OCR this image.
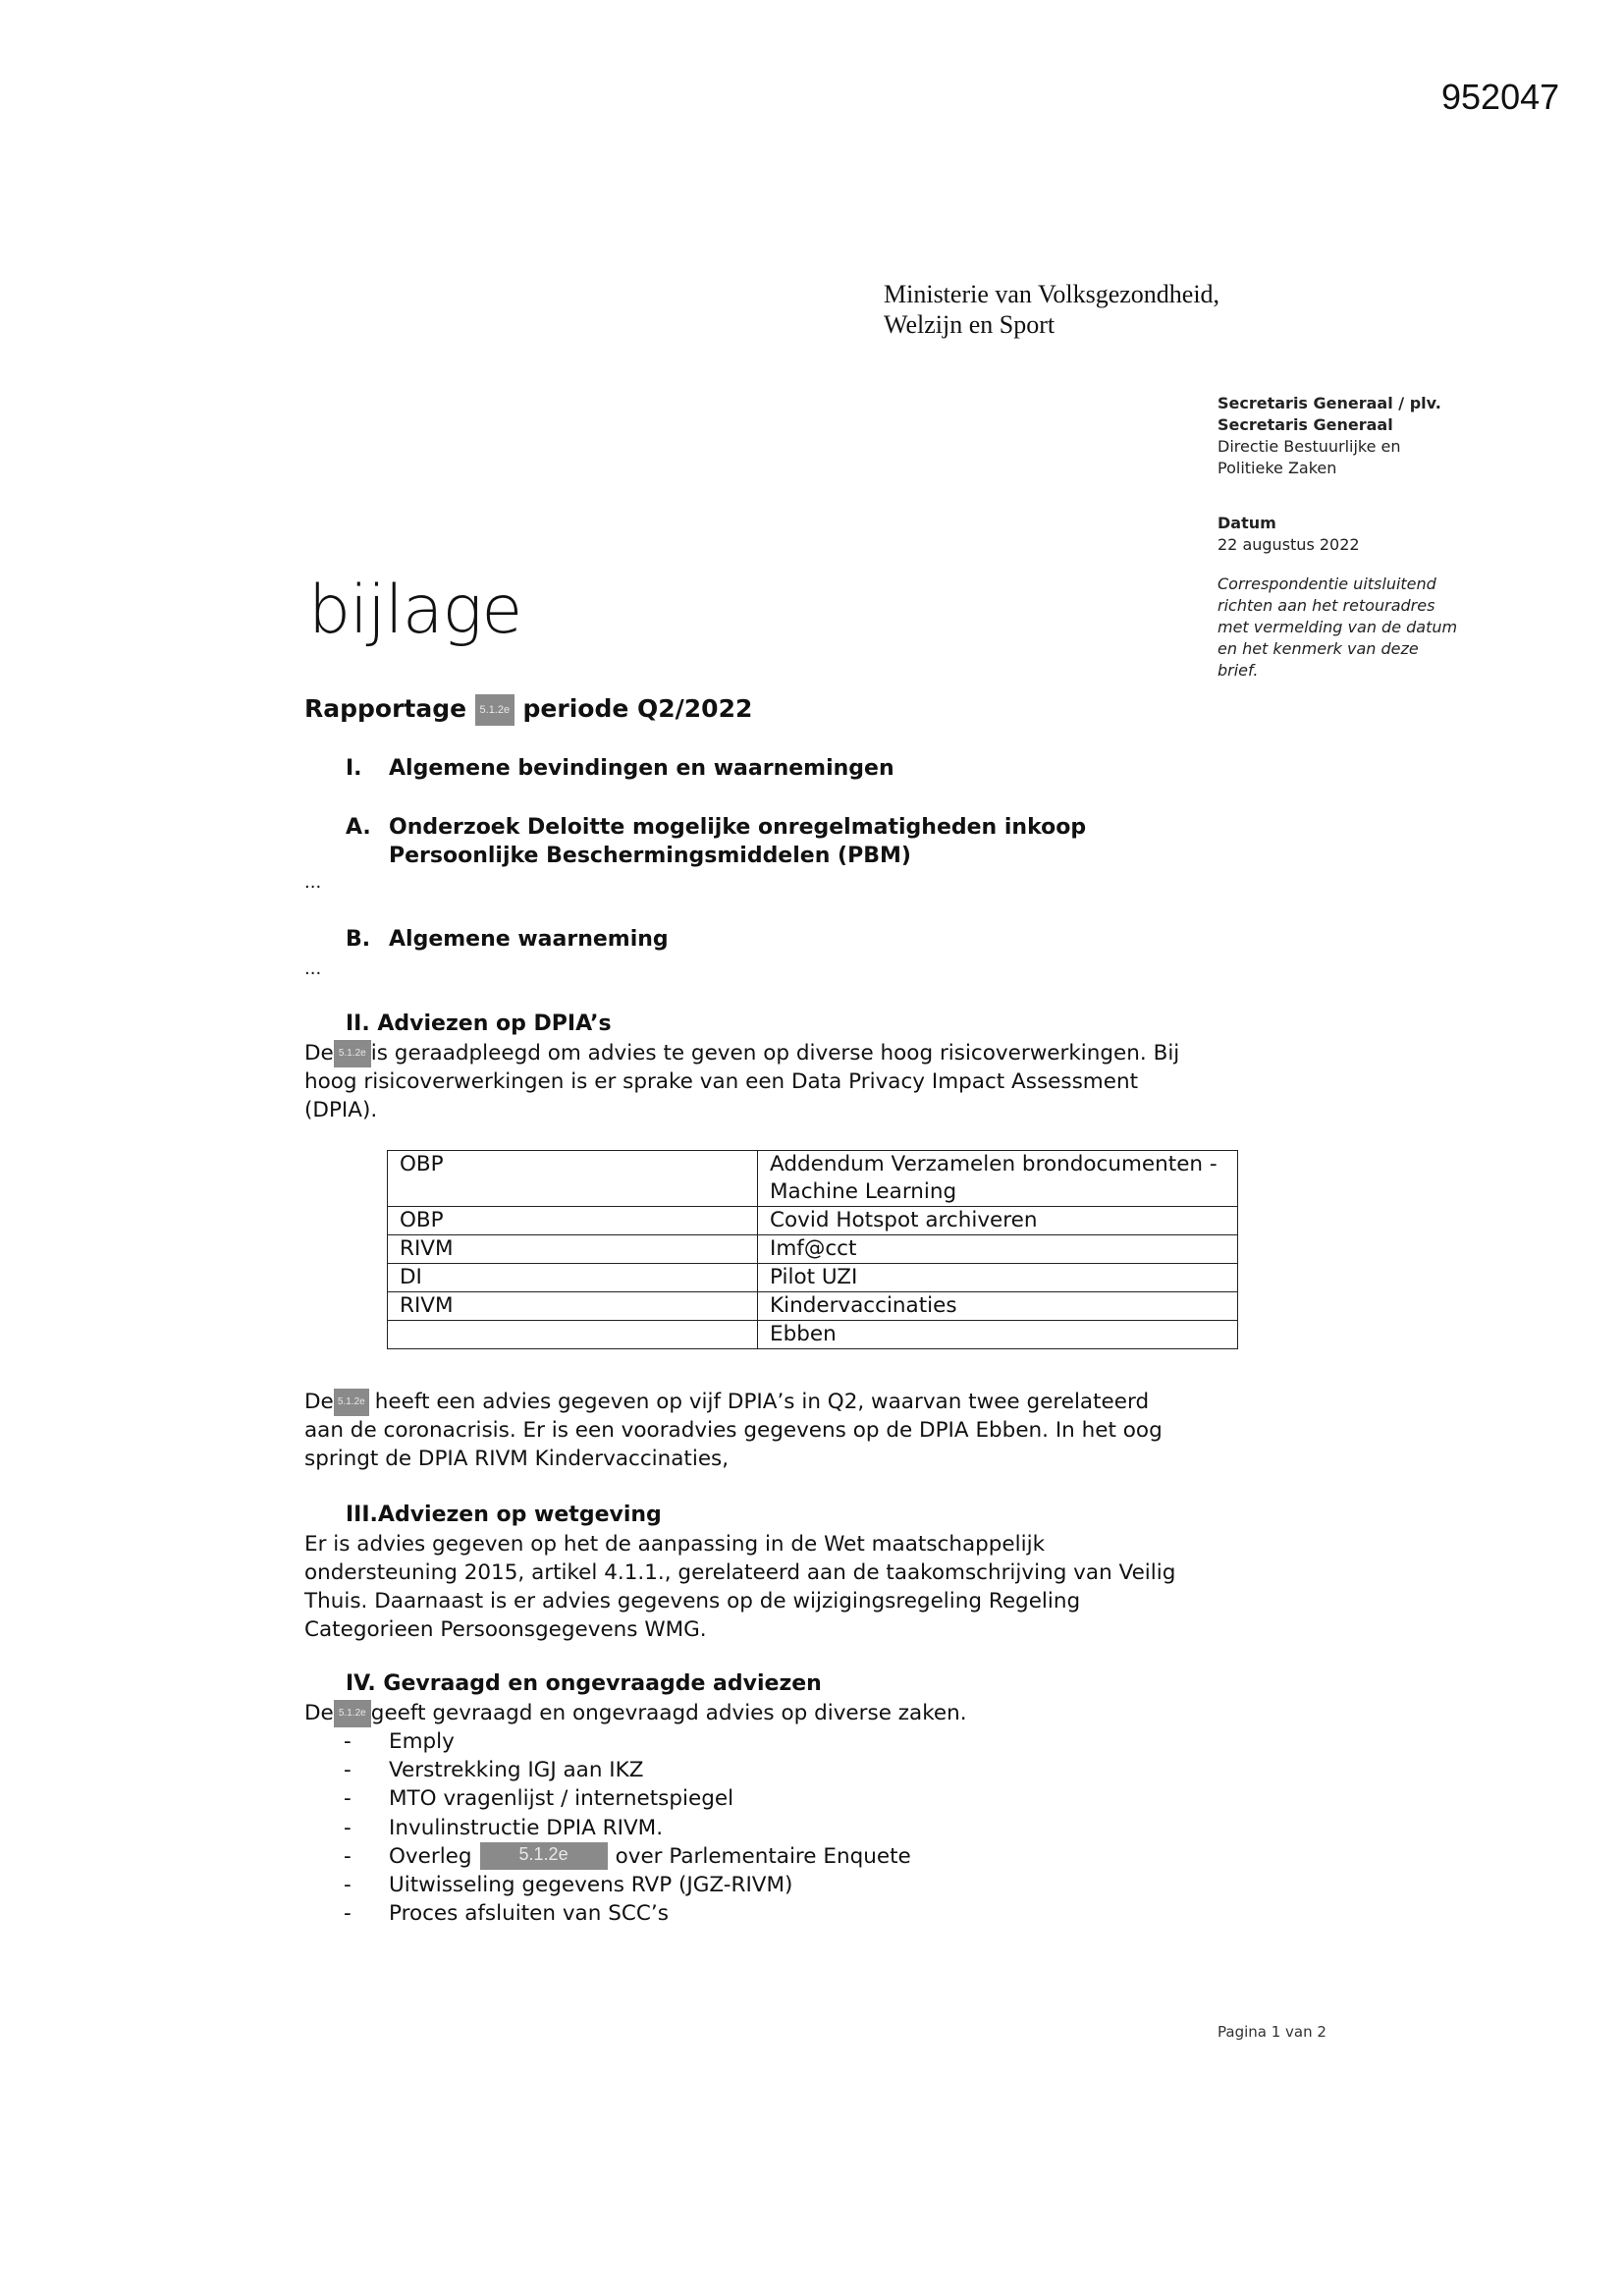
952047
Ministerie van Volksgezondheid,
Welzijn en Sport
Secretaris Generaal / plv.
Secretaris Generaal
Directie Bestuurlijke en
Politieke Zaken
Datum
22 augustus 2022
Correspondentie uitsluitend
richten aan het retouradres
met vermelding van de datum
en het kenmerk van deze
brief.
bijlage
Rapportage 5.1.2e periode Q2/2022
I. Algemene bevindingen en waarnemingen
A. Onderzoek Deloitte mogelijke onregelmatigheden inkoop
Persoonlijke Beschermingsmiddelen (PBM)
...
B. Algemene waarneming
...
II. Adviezen op DPIA’s
De 5.1.2e is geraadpleegd om advies te geven op diverse hoog risicoverwerkingen. Bij
hoog risicoverwerkingen is er sprake van een Data Privacy Impact Assessment
(DPIA).
OBP	Addendum Verzamelen brondocumenten -
Machine Learning

OBP	Covid Hotspot archiveren
RIVM	Imf@cct
DI	Pilot UZI
RIVM	Kindervaccinaties
	Ebben
De 5.1.2e heeft een advies gegeven op vijf DPIA’s in Q2, waarvan twee gerelateerd
aan de coronacrisis. Er is een vooradvies gegevens op de DPIA Ebben. In het oog
springt de DPIA RIVM Kindervaccinaties,
III.Adviezen op wetgeving
Er is advies gegeven op het de aanpassing in de Wet maatschappelijk
ondersteuning 2015, artikel 4.1.1., gerelateerd aan de taakomschrijving van Veilig
Thuis. Daarnaast is er advies gegevens op de wijzigingsregeling Regeling
Categorieen Persoonsgegevens WMG.
IV. Gevraagd en ongevraagde adviezen
De 5.1.2e geeft gevraagd en ongevraagd advies op diverse zaken.
-	Emply
-	Verstrekking IGJ aan IKZ
-	MTO vragenlijst / internetspiegel
-	Invulinstructie DPIA RIVM.
-	Overleg	5.1.2e	over Parlementaire Enquete
-	Uitwisseling gegevens RVP (JGZ-RIVM)
-	Proces afsluiten van SCC’s
Pagina 1 van 2
